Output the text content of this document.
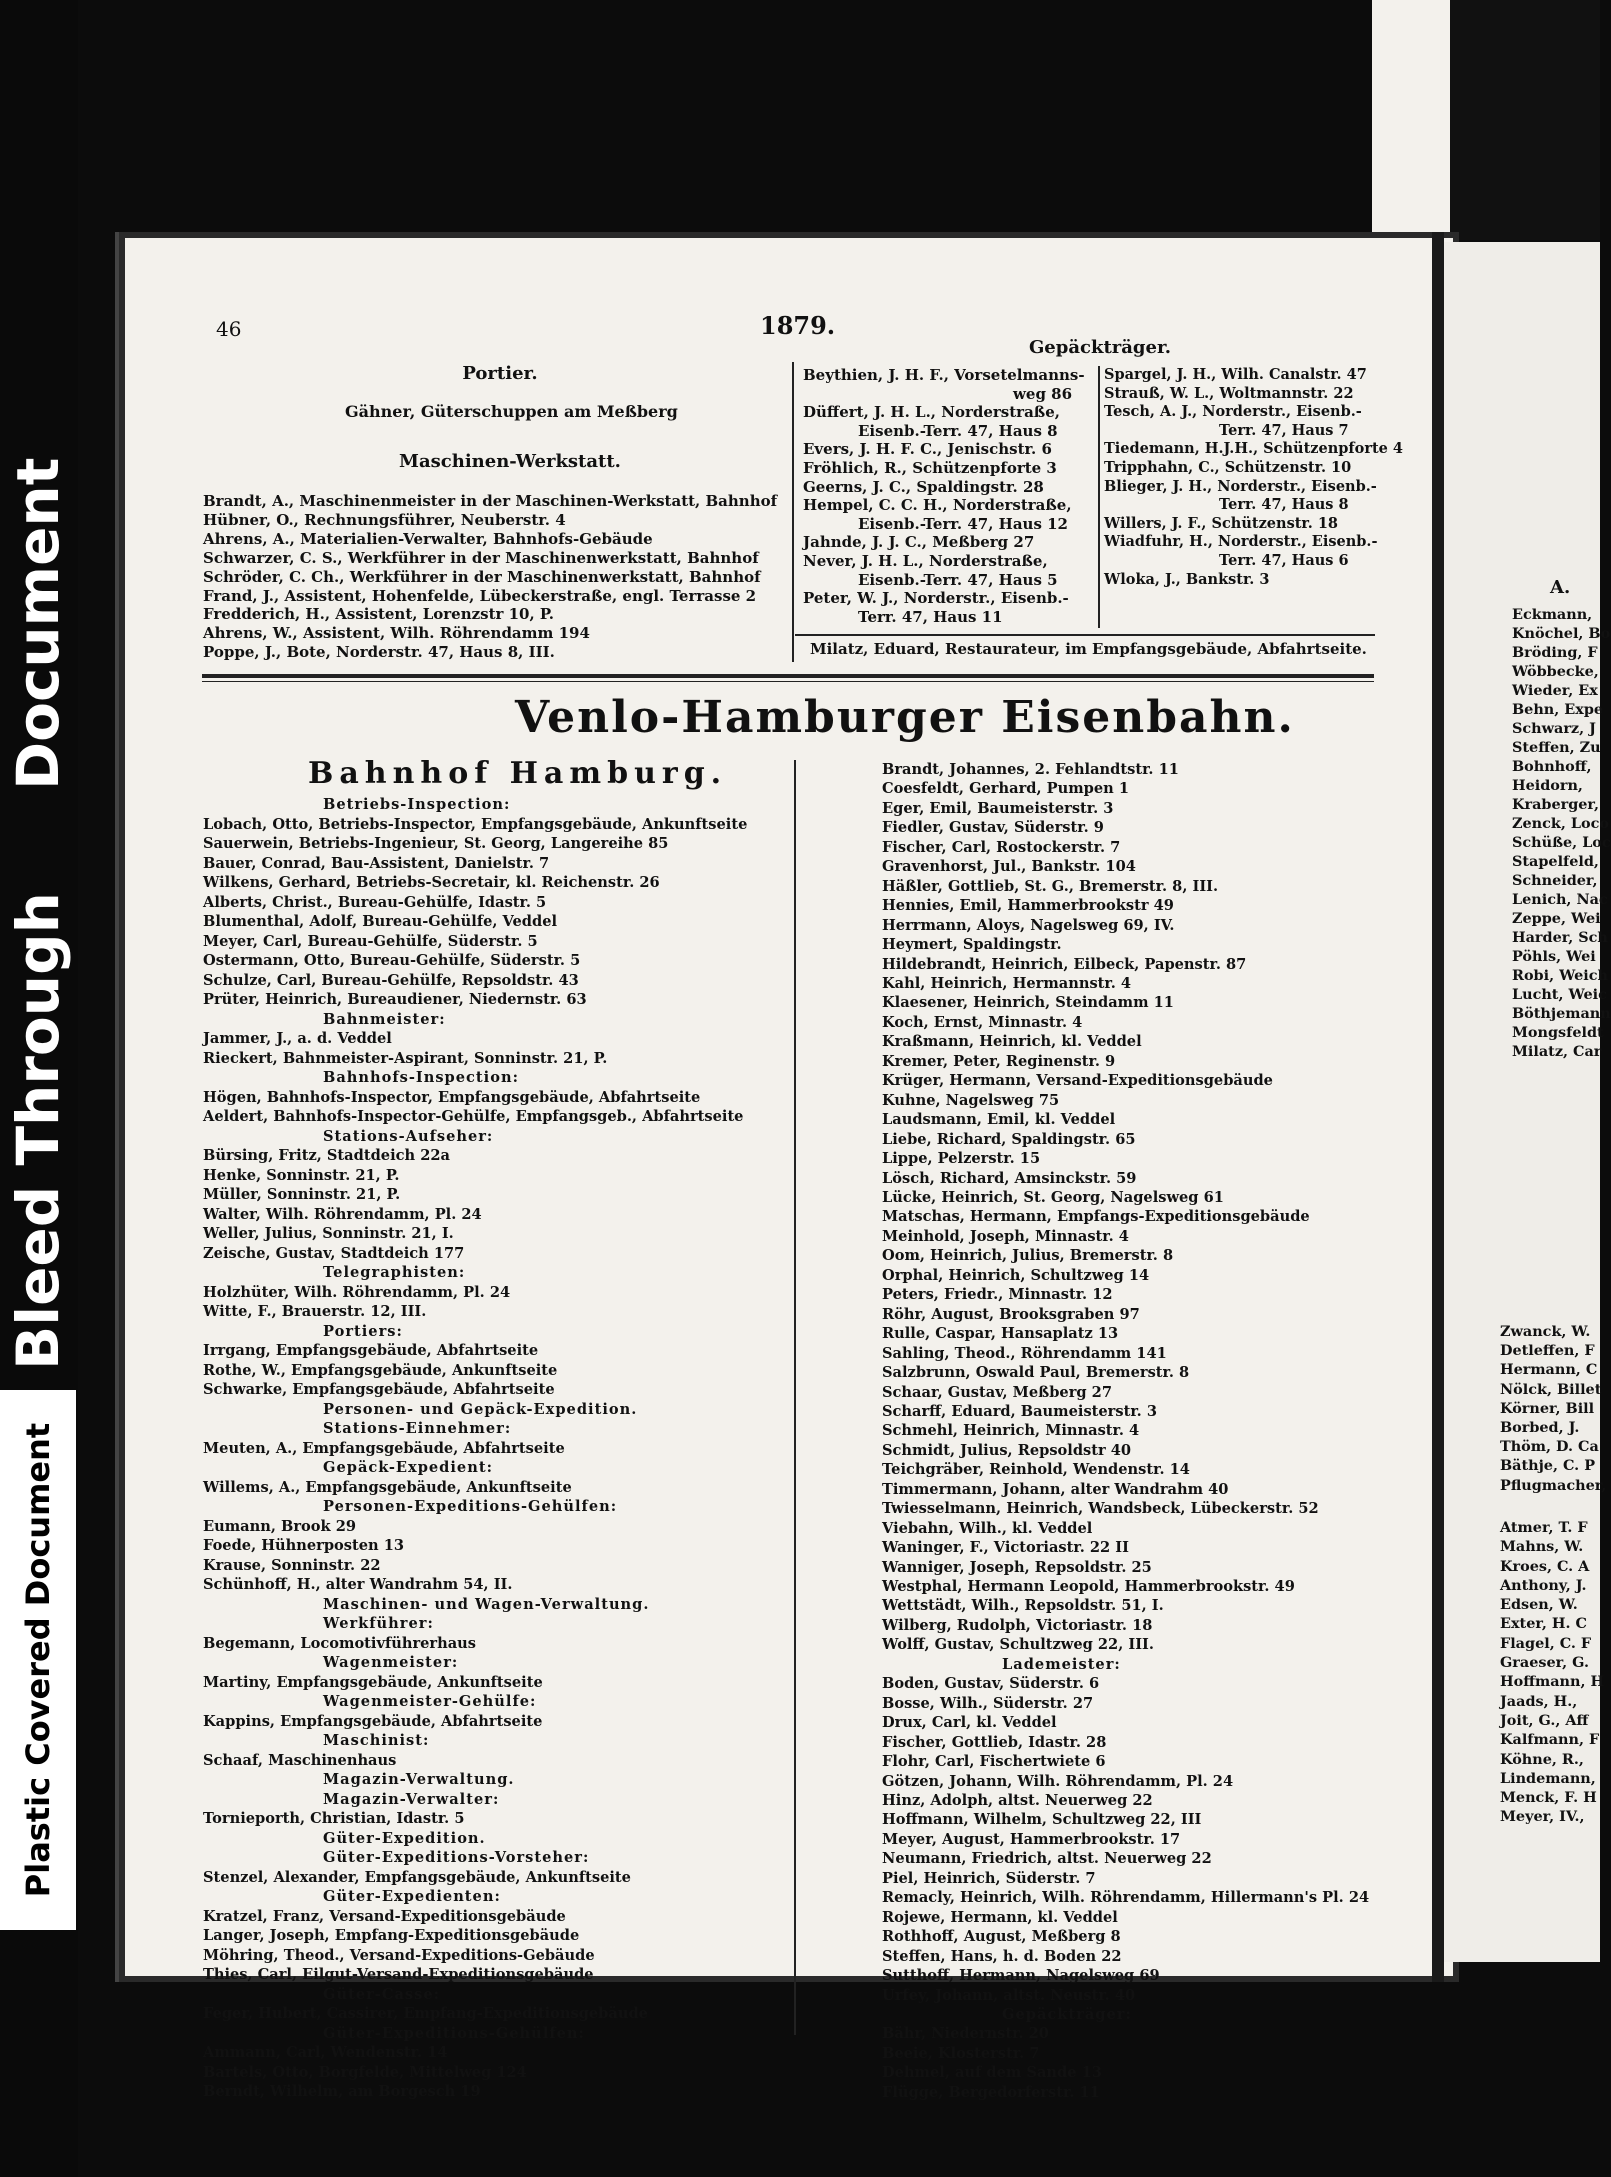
Plastic Covered Document
Bleed Through
Document
46	1879.
Portier.
Gähner, Güterschuppen am Meßberg
Maschinen-Werkstatt.
Brandt, A., Maschinenmeister in der Maschinen-Werkstatt, Bahnhof
Hübner, O., Rechnungsführer, Neuberstr. 4
Ahrens, A., Materialien-Verwalter, Bahnhofs-Gebäude
Schwarzer, C. S., Werkführer in der Maschinenwerkstatt, Bahnhof
Schröder, C. Ch., Werkführer in der Maschinenwerkstatt, Bahnhof
Frand, J., Assistent, Hohenfelde, Lübeckerstraße, engl. Terrasse 2
Fredderich, H., Assistent, Lorenzstr 10, P.
Ahrens, W., Assistent, Wilh. Röhrendamm 194
Poppe, J., Bote, Norderstr. 47, Haus 8, III.
Gepäckträger.
Beythien, J. H. F., Vorsetelmanns-
weg 86
Düffert, J. H. L., Norderstraße,
Eisenb.-Terr. 47, Haus 8
Evers, J. H. F. C., Jenischstr. 6
Fröhlich, R., Schützenpforte 3
Geerns, J. C., Spaldingstr. 28
Hempel, C. C. H., Norderstraße,
Eisenb.-Terr. 47, Haus 12
Jahnde, J. J. C., Meßberg 27
Never, J. H. L., Norderstraße,
Eisenb.-Terr. 47, Haus 5
Peter, W. J., Norderstr., Eisenb.-
Terr. 47, Haus 11
Spargel, J. H., Wilh. Canalstr. 47
Strauß, W. L., Woltmannstr. 22
Tesch, A. J., Norderstr., Eisenb.-
Terr. 47, Haus 7
Tiedemann, H.J.H., Schützenpforte 4
Tripphahn, C., Schützenstr. 10
Blieger, J. H., Norderstr., Eisenb.-
Terr. 47, Haus 8
Willers, J. F., Schützenstr. 18
Wiadfuhr, H., Norderstr., Eisenb.-
Terr. 47, Haus 6
Wloka, J., Bankstr. 3
Milatz, Eduard, Restaurateur, im Empfangsgebäude, Abfahrtseite.
Venlo-Hamburger Eisenbahn.
Bahnhof Hamburg.
Betriebs-Inspection:
Lobach, Otto, Betriebs-Inspector, Empfangsgebäude, Ankunftseite
Sauerwein, Betriebs-Ingenieur, St. Georg, Langereihe 85
Bauer, Conrad, Bau-Assistent, Danielstr. 7
Wilkens, Gerhard, Betriebs-Secretair, kl. Reichenstr. 26
Alberts, Christ., Bureau-Gehülfe, Idastr. 5
Blumenthal, Adolf, Bureau-Gehülfe, Veddel
Meyer, Carl, Bureau-Gehülfe, Süderstr. 5
Ostermann, Otto, Bureau-Gehülfe, Süderstr. 5
Schulze, Carl, Bureau-Gehülfe, Repsoldstr. 43
Prüter, Heinrich, Bureaudiener, Niedernstr. 63
Bahnmeister:
Jammer, J., a. d. Veddel
Rieckert, Bahnmeister-Aspirant, Sonninstr. 21, P.
Bahnhofs-Inspection:
Högen, Bahnhofs-Inspector, Empfangsgebäude, Abfahrtseite
Aeldert, Bahnhofs-Inspector-Gehülfe, Empfangsgeb., Abfahrtseite
Stations-Aufseher:
Bürsing, Fritz, Stadtdeich 22a
Henke, Sonninstr. 21, P.
Müller, Sonninstr. 21, P.
Walter, Wilh. Röhrendamm, Pl. 24
Weller, Julius, Sonninstr. 21, I.
Zeische, Gustav, Stadtdeich 177
Telegraphisten:
Holzhüter, Wilh. Röhrendamm, Pl. 24
Witte, F., Brauerstr. 12, III.
Portiers:
Irrgang, Empfangsgebäude, Abfahrtseite
Rothe, W., Empfangsgebäude, Ankunftseite
Schwarke, Empfangsgebäude, Abfahrtseite
Personen- und Gepäck-Expedition.
Stations-Einnehmer:
Meuten, A., Empfangsgebäude, Abfahrtseite
Gepäck-Expedient:
Willems, A., Empfangsgebäude, Ankunftseite
Personen-Expeditions-Gehülfen:
Eumann, Brook 29
Foede, Hühnerposten 13
Krause, Sonninstr. 22
Schünhoff, H., alter Wandrahm 54, II.
Maschinen- und Wagen-Verwaltung.
Werkführer:
Begemann, Locomotivführerhaus
Wagenmeister:
Martiny, Empfangsgebäude, Ankunftseite
Wagenmeister-Gehülfe:
Kappins, Empfangsgebäude, Abfahrtseite
Maschinist:
Schaaf, Maschinenhaus
Magazin-Verwaltung.
Magazin-Verwalter:
Tornieporth, Christian, Idastr. 5
Güter-Expedition.
Güter-Expeditions-Vorsteher:
Stenzel, Alexander, Empfangsgebäude, Ankunftseite
Güter-Expedienten:
Kratzel, Franz, Versand-Expeditionsgebäude
Langer, Joseph, Empfang-Expeditionsgebäude
Möhring, Theod., Versand-Expeditions-Gebäude
Thies, Carl, Eilgut-Versand-Expeditionsgebäude
Güter-Casse:
Feger, Hubert, Cassirer, Empfang-Expeditionsgebäude
Güter-Expeditions-Gehülfen:
Ammann, Carl, Wendenstr. 14
Bartels, Otto, Borgfelde, Mittelweg 124
Berndt, Wilhelm, am Borgesch 19
Brandt, Johannes, 2. Fehlandtstr. 11
Coesfeldt, Gerhard, Pumpen 1
Eger, Emil, Baumeisterstr. 3
Fiedler, Gustav, Süderstr. 9
Fischer, Carl, Rostockerstr. 7
Gravenhorst, Jul., Bankstr. 104
Häßler, Gottlieb, St. G., Bremerstr. 8, III.
Hennies, Emil, Hammerbrookstr 49
Herrmann, Aloys, Nagelsweg 69, IV.
Heymert, Spaldingstr.
Hildebrandt, Heinrich, Eilbeck, Papenstr. 87
Kahl, Heinrich, Hermannstr. 4
Klaesener, Heinrich, Steindamm 11
Koch, Ernst, Minnastr. 4
Kraßmann, Heinrich, kl. Veddel
Kremer, Peter, Reginenstr. 9
Krüger, Hermann, Versand-Expeditionsgebäude
Kuhne, Nagelsweg 75
Laudsmann, Emil, kl. Veddel
Liebe, Richard, Spaldingstr. 65
Lippe, Pelzerstr. 15
Lösch, Richard, Amsinckstr. 59
Lücke, Heinrich, St. Georg, Nagelsweg 61
Matschas, Hermann, Empfangs-Expeditionsgebäude
Meinhold, Joseph, Minnastr. 4
Oom, Heinrich, Julius, Bremerstr. 8
Orphal, Heinrich, Schultzweg 14
Peters, Friedr., Minnastr. 12
Röhr, August, Brooksgraben 97
Rulle, Caspar, Hansaplatz 13
Sahling, Theod., Röhrendamm 141
Salzbrunn, Oswald Paul, Bremerstr. 8
Schaar, Gustav, Meßberg 27
Scharff, Eduard, Baumeisterstr. 3
Schmehl, Heinrich, Minnastr. 4
Schmidt, Julius, Repsoldstr 40
Teichgräber, Reinhold, Wendenstr. 14
Timmermann, Johann, alter Wandrahm 40
Twiesselmann, Heinrich, Wandsbeck, Lübeckerstr. 52
Viebahn, Wilh., kl. Veddel
Waninger, F., Victoriastr. 22 II
Wanniger, Joseph, Repsoldstr. 25
Westphal, Hermann Leopold, Hammerbrookstr. 49
Wettstädt, Wilh., Repsoldstr. 51, I.
Wilberg, Rudolph, Victoriastr. 18
Wolff, Gustav, Schultzweg 22, III.
Lademeister:
Boden, Gustav, Süderstr. 6
Bosse, Wilh., Süderstr. 27
Drux, Carl, kl. Veddel
Fischer, Gottlieb, Idastr. 28
Flohr, Carl, Fischertwiete 6
Götzen, Johann, Wilh. Röhrendamm, Pl. 24
Hinz, Adolph, altst. Neuerweg 22
Hoffmann, Wilhelm, Schultzweg 22, III
Meyer, August, Hammerbrookstr. 17
Neumann, Friedrich, altst. Neuerweg 22
Piel, Heinrich, Süderstr. 7
Remacly, Heinrich, Wilh. Röhrendamm, Hillermann's Pl. 24
Rojewe, Hermann, kl. Veddel
Rothhoff, August, Meßberg 8
Steffen, Hans, h. d. Boden 22
Sutthoff, Hermann, Nagelsweg 69
Urfey, Johann, altst. Neustr. 40
Gepäckträger:
Bähr, Niedernstr. 20
Beeie, Klosterstr. 7
Dehmel, auf dem Sande 13
Flügge, Bergedorferstr. 11
A.
Eckmann,
Knöchel, Bo
Bröding, F
Wöbbecke,
Wieder, Ex
Behn, Expe
Schwarz, J
Steffen, Zu
Bohnhoff,
Heidorn,
Kraberger,
Zenck, Loco
Schüße, Loc
Stapelfeld,
Schneider,
Lenich, Nac
Zeppe, Wei
Harder, Sch
Pöhls, Wei
Robi, Weich
Lucht, Weic
Böthjemann
Mongsfeldt
Milatz, Car
Zwanck, W.
Detleffen, F
Hermann, C
Nölck, Billet
Körner, Bill
Borbed, J.
Thöm, D. Ca
Bäthje, C. P
Pflugmacher,
Atmer, T. F
Mahns, W.
Kroes, C. A
Anthony, J.
Edsen, W.
Exter, H. C
Flagel, C. F
Graeser, G.
Hoffmann, H
Jaads, H.,
Joit, G., Aff
Kalfmann, F
Köhne, R.,
Lindemann,
Menck, F. H
Meyer, IV.,
